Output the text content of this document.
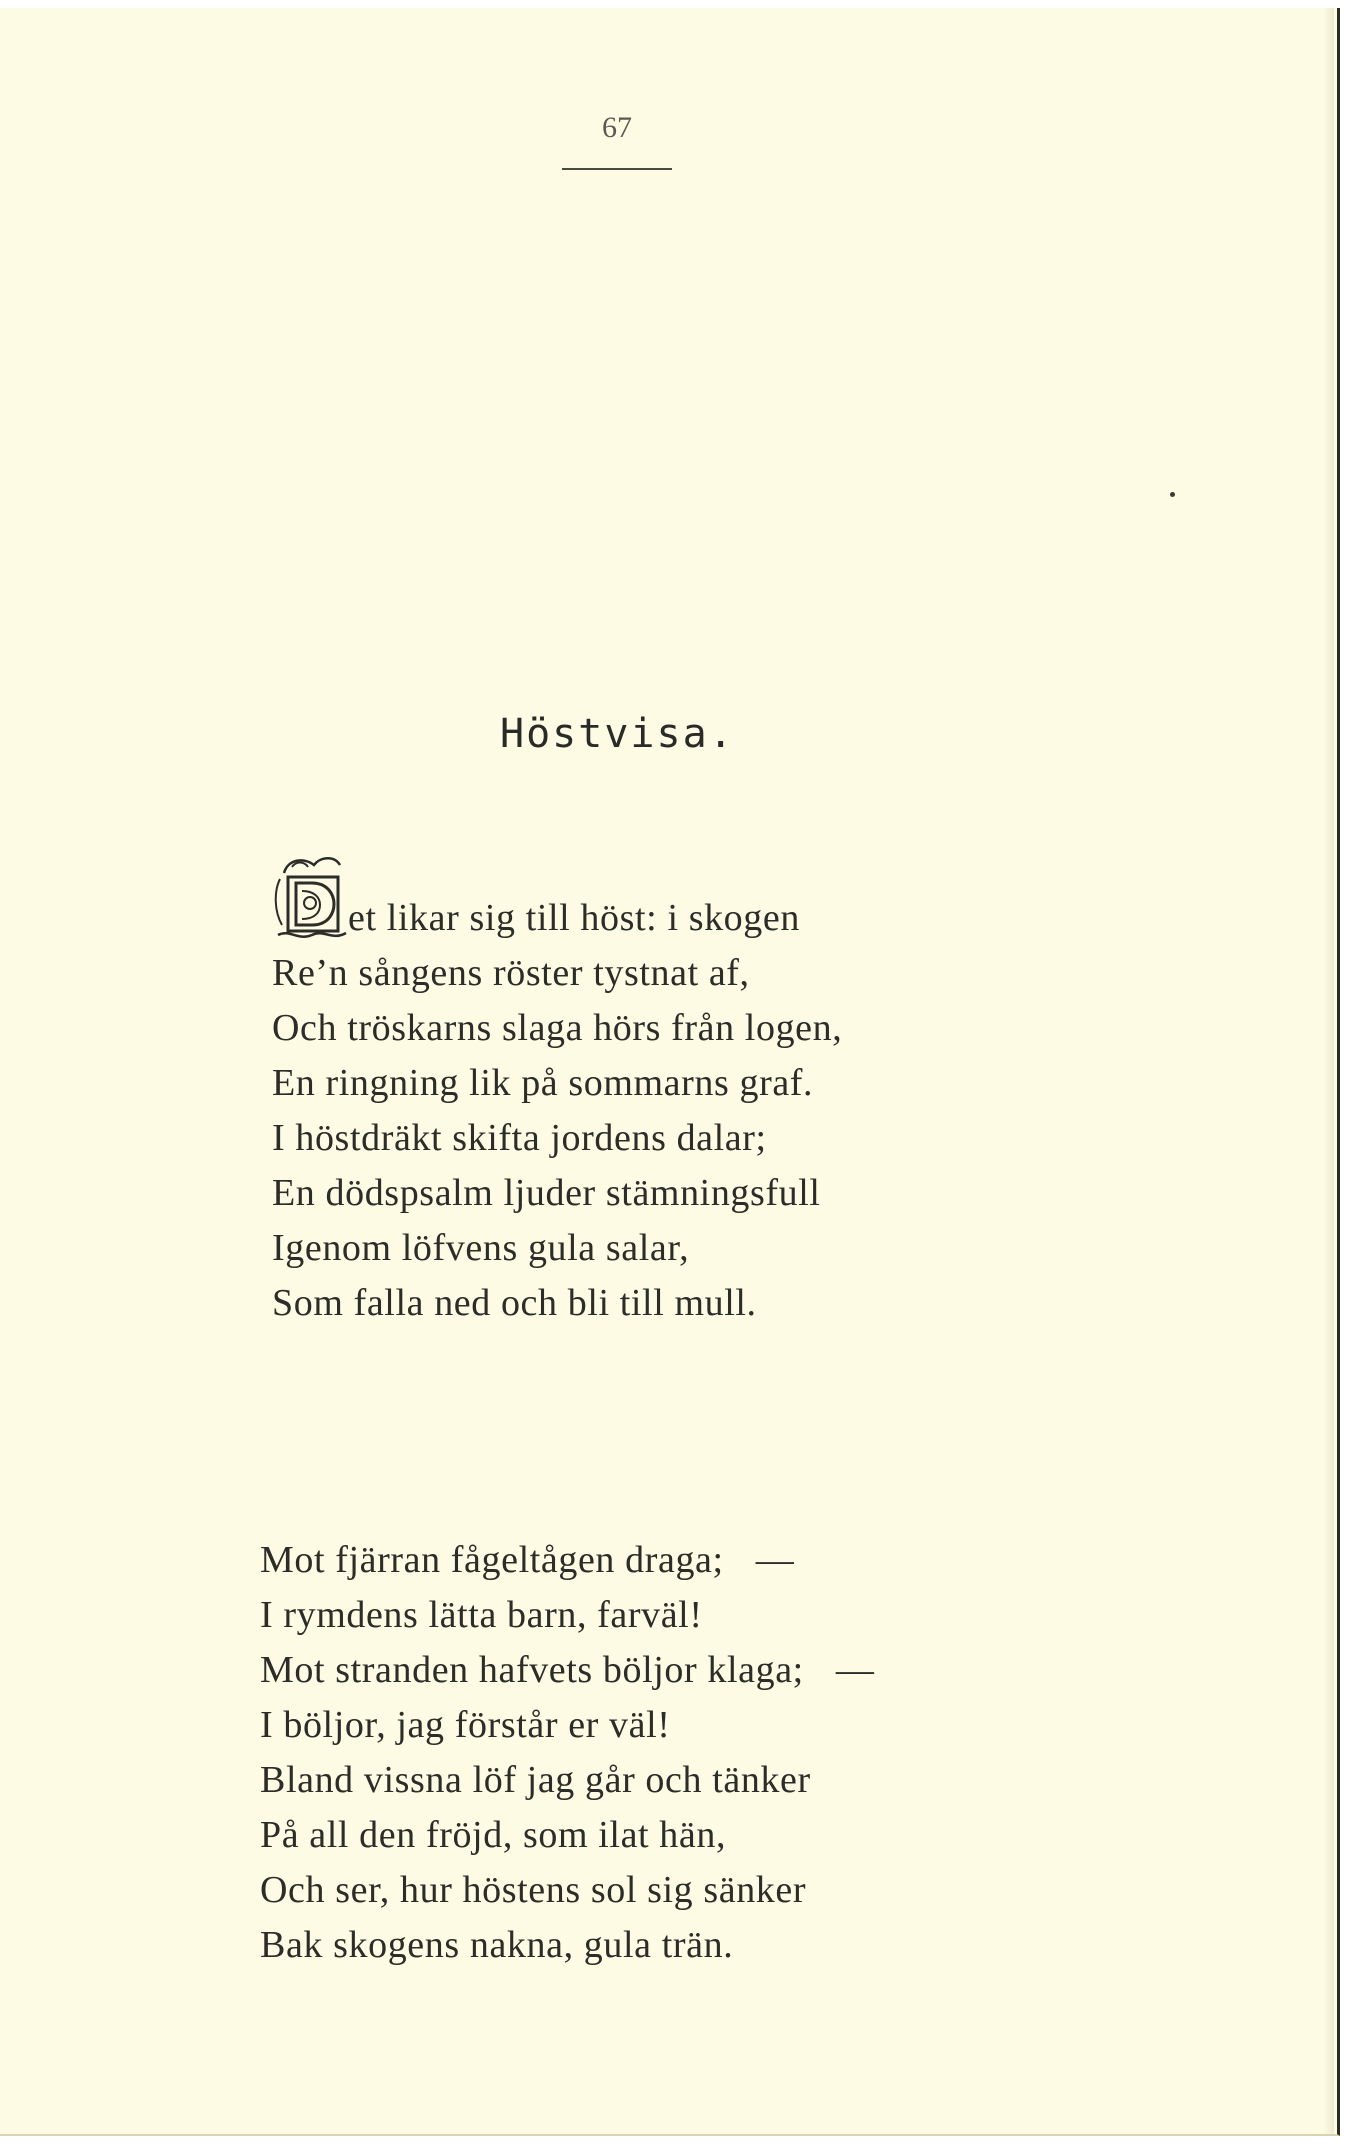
67
Höstvisa.
et likar sig till höst: i skogen
Re’n sångens röster tystnat af,
Och tröskarns slaga hörs från logen,
En ringning lik på sommarns graf.
I höstdräkt skifta jordens dalar;
En dödspsalm ljuder stämningsfull
Igenom löfvens gula salar,
Som falla ned och bli till mull.
Mot fjärran fågeltågen draga; —
I rymdens lätta barn, farväl!
Mot stranden hafvets böljor klaga; —
I böljor, jag förstår er väl!
Bland vissna löf jag går och tänker
På all den fröjd, som ilat hän,
Och ser, hur höstens sol sig sänker
Bak skogens nakna, gula trän.
